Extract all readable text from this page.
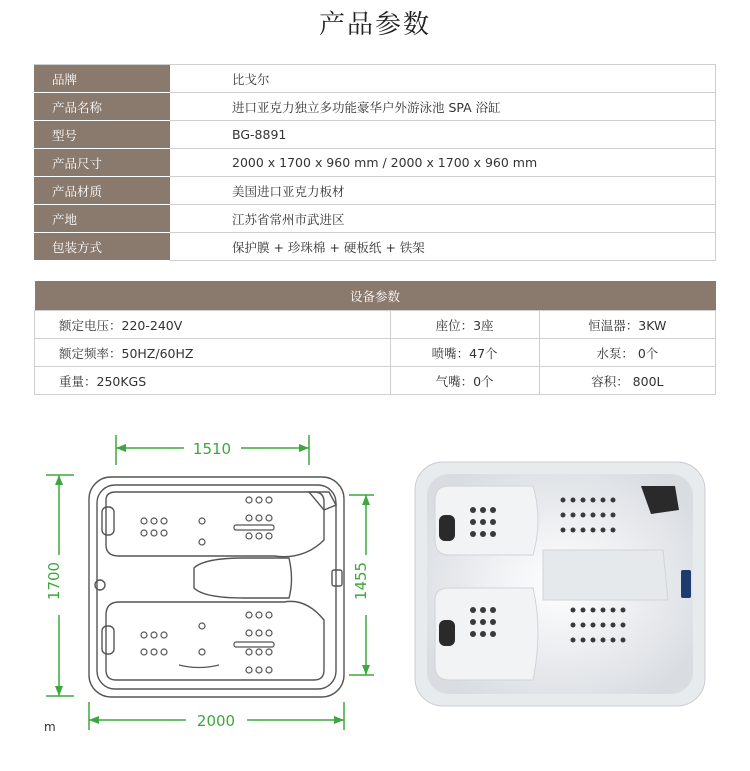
产品参数
品牌	比戈尔
产品名称	进口亚克力独立多功能豪华户外游泳池 SPA 浴缸
型号	BG-8891
产品尺寸	2000 x 1700 x 960 mm / 2000 x 1700 x 960 mm
产品材质	美国进口亚克力板材
产地	江苏省常州市武进区
包装方式	保护膜 + 珍珠棉 + 硬板纸 + 铁架
设备参数		
额定电压：220-240V	座位：3座	恒温器：3KW
额定频率：50HZ/60HZ	喷嘴：47个	水泵： 0个
重量：250KGS	气嘴：0个	容积： 800L
1510
1700	1455
2000
m
